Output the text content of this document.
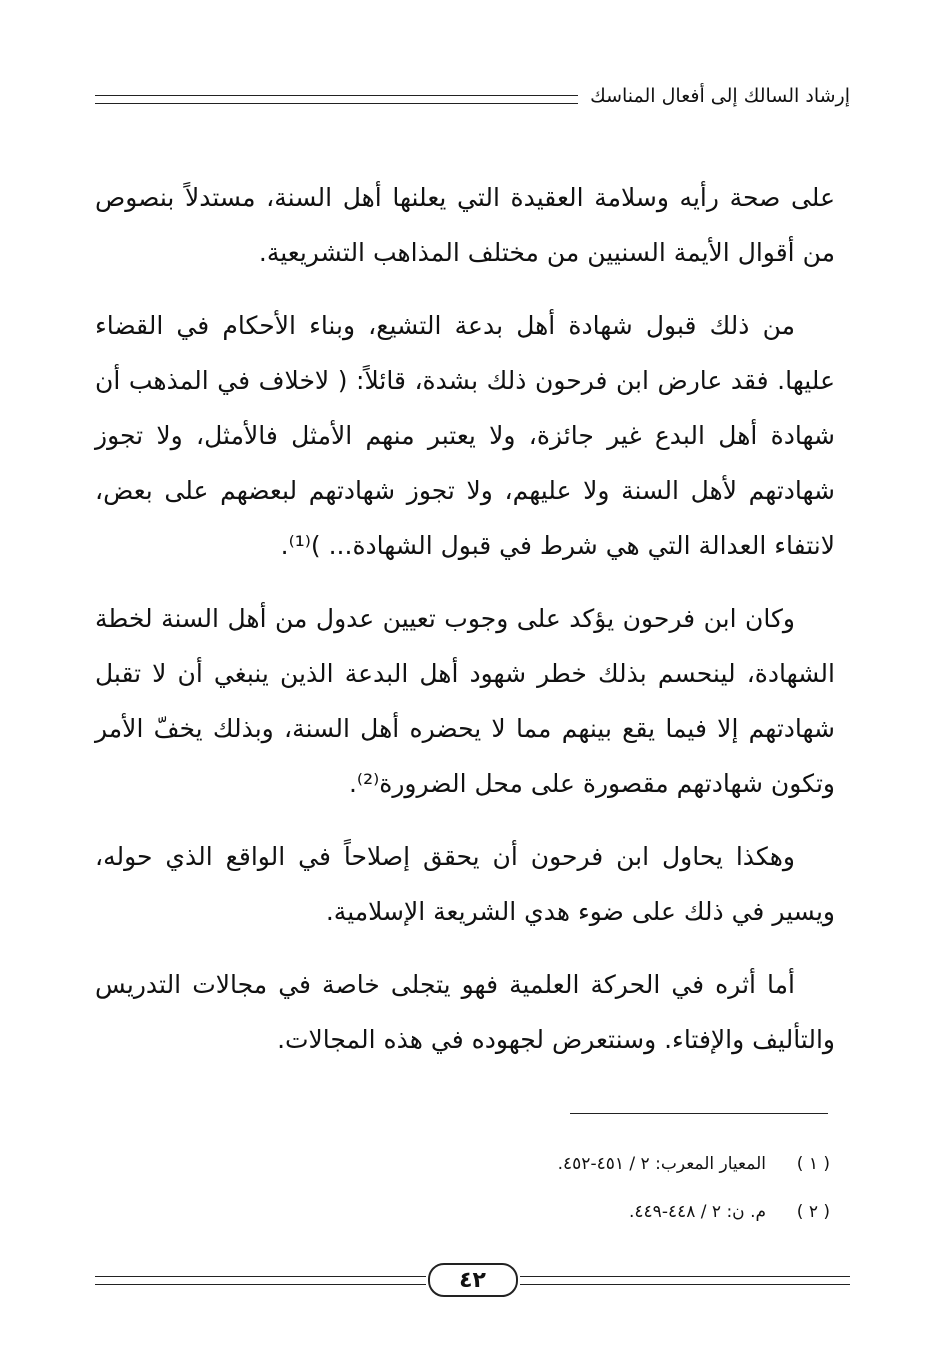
إرشاد السالك إلى أفعال المناسك

على صحة رأيه وسلامة العقيدة التي يعلنها أهل السنة، مستدلاً بنصوص من أقوال الأيمة السنيين من مختلف المذاهب التشريعية.

من ذلك قبول شهادة أهل بدعة التشيع، وبناء الأحكام في القضاء عليها. فقد عارض ابن فرحون ذلك بشدة، قائلاً: ( لاخلاف في المذهب أن شهادة أهل البدع غير جائزة، ولا يعتبر منهم الأمثل فالأمثل، ولا تجوز شهادتهم لأهل السنة ولا عليهم، ولا تجوز شهادتهم لبعضهم على بعض، لانتفاء العدالة التي هي شرط في قبول الشهادة... )⁽¹⁾.

وكان ابن فرحون يؤكد على وجوب تعيين عدول من أهل السنة لخطة الشهادة، لينحسم بذلك خطر شهود أهل البدعة الذين ينبغي أن لا تقبل شهادتهم إلا فيما يقع بينهم مما لا يحضره أهل السنة، وبذلك يخفّ الأمر وتكون شهادتهم مقصورة على محل الضرورة⁽²⁾.

وهكذا يحاول ابن فرحون أن يحقق إصلاحاً في الواقع الذي حوله، ويسير في ذلك على ضوء هدي الشريعة الإسلامية.

أما أثره في الحركة العلمية فهو يتجلى خاصة في مجالات التدريس والتأليف والإفتاء. وسنتعرض لجهوده في هذه المجالات.

( ١ )
المعيار المعرب: ٢ / ٤٥١-٤٥٢.
( ٢ )
م. ن: ٢ / ٤٤٨-٤٤٩.
٤٢
